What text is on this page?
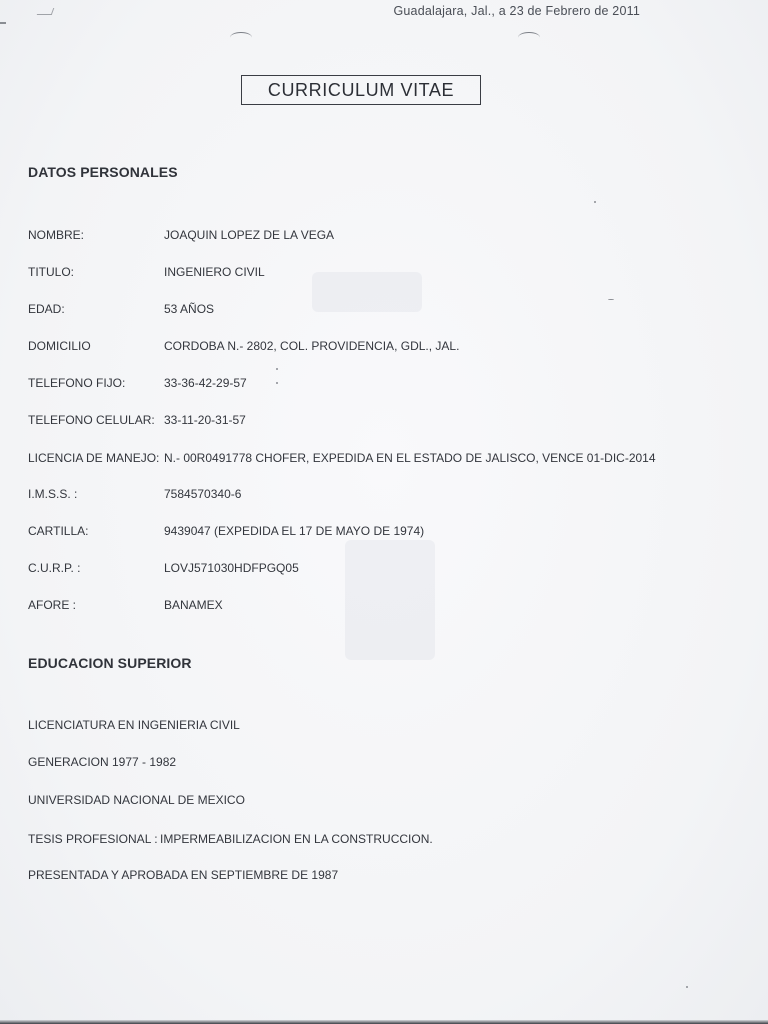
Guadalajara, Jal., a 23 de Febrero de 2011
CURRICULUM VITAE
DATOS PERSONALES
NOMBRE:	JOAQUIN LOPEZ DE LA VEGA
TITULO:	INGENIERO CIVIL
EDAD:	53 AÑOS
DOMICILIO	CORDOBA N.- 2802, COL. PROVIDENCIA, GDL., JAL.
TELEFONO FIJO:	33-36-42-29-57
TELEFONO CELULAR: 33-11-20-31-57
LICENCIA DE MANEJO: N.- 00R0491778 CHOFER, EXPEDIDA EN EL ESTADO DE JALISCO, VENCE 01-DIC-2014
I.M.S.S. :	7584570340-6
CARTILLA:	9439047 (EXPEDIDA EL 17 DE MAYO DE 1974)
C.U.R.P. :	LOVJ571030HDFPGQ05
AFORE :	BANAMEX
EDUCACION SUPERIOR
LICENCIATURA EN INGENIERIA CIVIL
GENERACION 1977 - 1982
UNIVERSIDAD NACIONAL DE MEXICO
TESIS PROFESIONAL : IMPERMEABILIZACION EN LA CONSTRUCCION.
PRESENTADA Y APROBADA EN SEPTIEMBRE DE 1987
